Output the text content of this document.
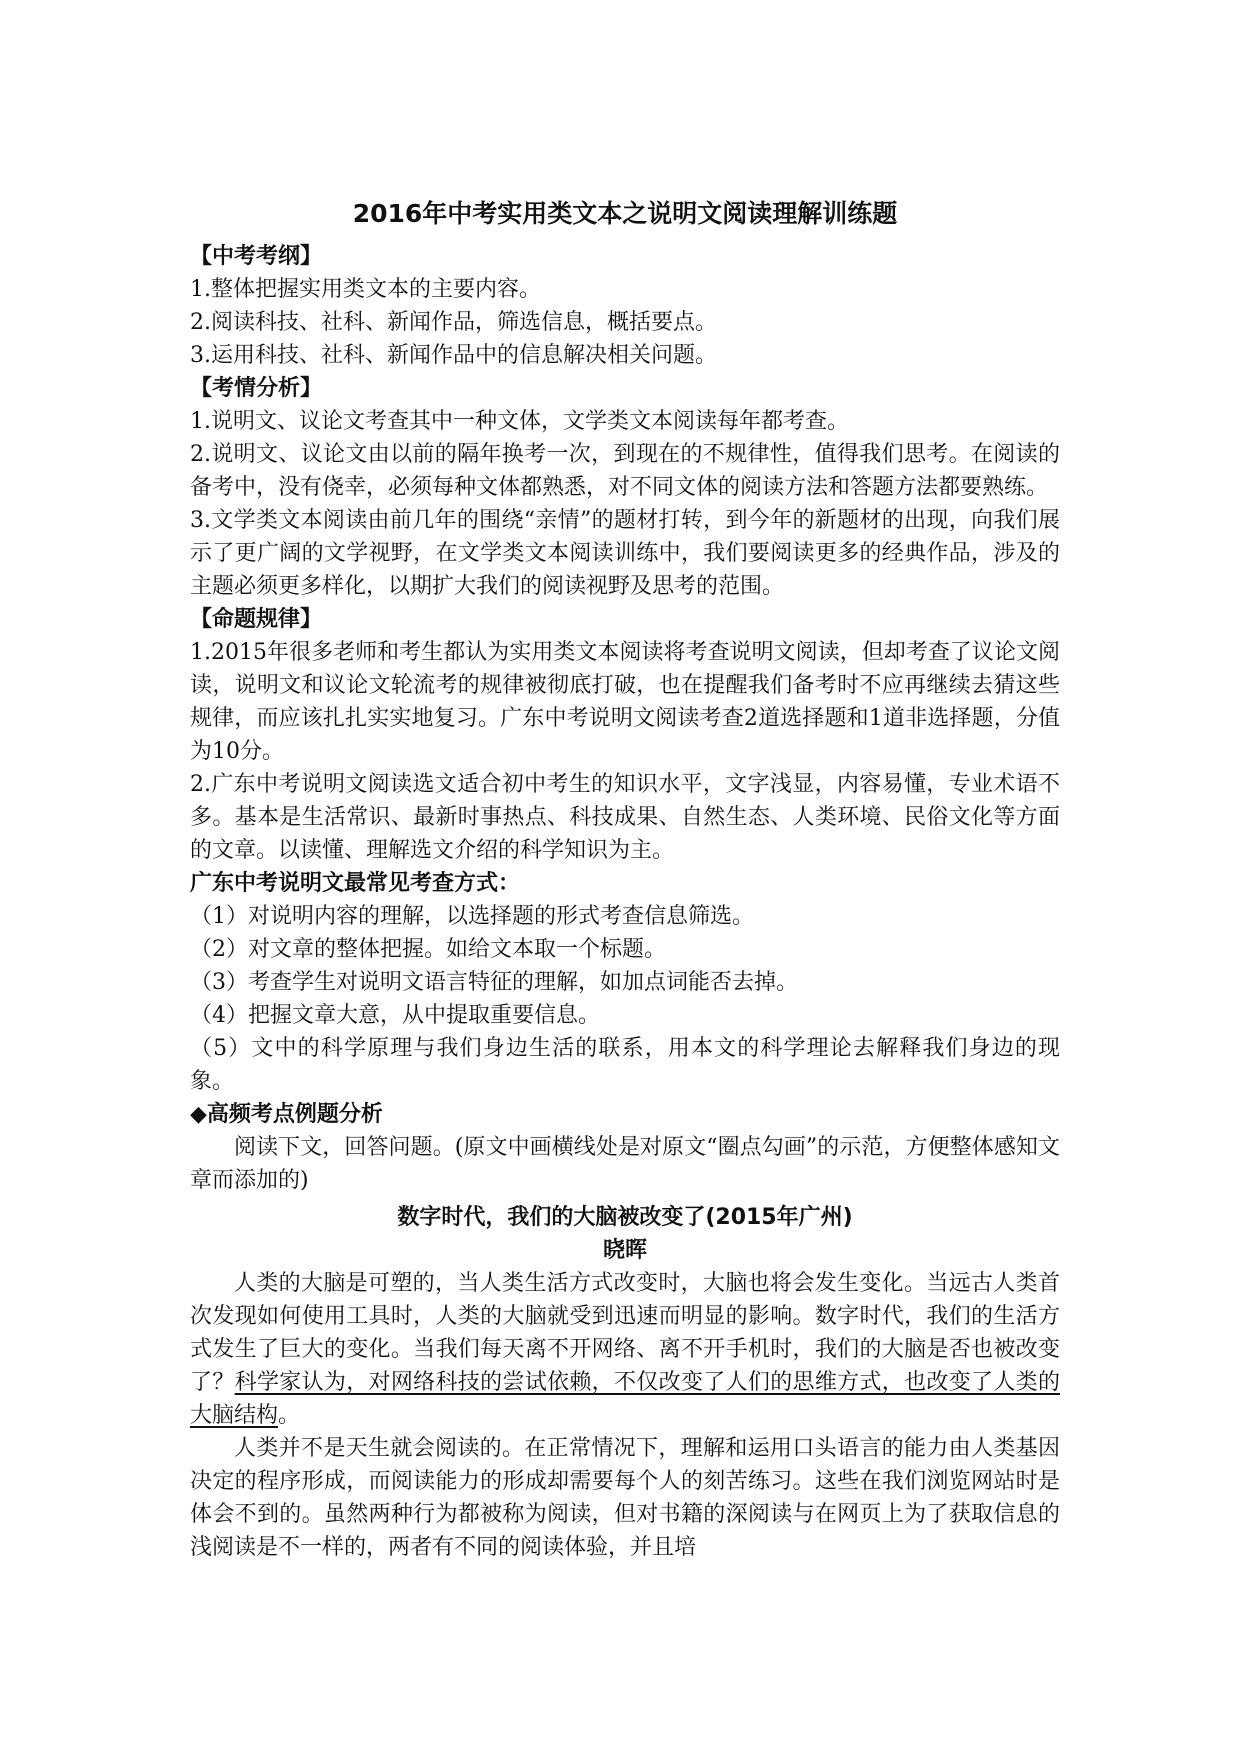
2016年中考实用类文本之说明文阅读理解训练题
【中考考纲】

1.整体把握实用类文本的主要内容。

2.阅读科技、社科、新闻作品，筛选信息，概括要点。

3.运用科技、社科、新闻作品中的信息解决相关问题。

【考情分析】

1.说明文、议论文考查其中一种文体，文学类文本阅读每年都考查。

2.说明文、议论文由以前的隔年换考一次，到现在的不规律性，值得我们思考。在阅读的备考中，没有侥幸，必须每种文体都熟悉，对不同文体的阅读方法和答题方法都要熟练。

3.文学类文本阅读由前几年的围绕“亲情”的题材打转，到今年的新题材的出现，向我们展示了更广阔的文学视野，在文学类文本阅读训练中，我们要阅读更多的经典作品，涉及的主题必须更多样化，以期扩大我们的阅读视野及思考的范围。

【命题规律】

1.2015年很多老师和考生都认为实用类文本阅读将考查说明文阅读，但却考查了议论文阅读，说明文和议论文轮流考的规律被彻底打破，也在提醒我们备考时不应再继续去猜这些规律，而应该扎扎实实地复习。广东中考说明文阅读考查2道选择题和1道非选择题，分值为10分。

2.广东中考说明文阅读选文适合初中考生的知识水平，文字浅显，内容易懂，专业术语不多。基本是生活常识、最新时事热点、科技成果、自然生态、人类环境、民俗文化等方面的文章。以读懂、理解选文介绍的科学知识为主。

广东中考说明文最常见考查方式：

（1）对说明内容的理解，以选择题的形式考查信息筛选。

（2）对文章的整体把握。如给文本取一个标题。

（3）考查学生对说明文语言特征的理解，如加点词能否去掉。

（4）把握文章大意，从中提取重要信息。

（5）文中的科学原理与我们身边生活的联系，用本文的科学理论去解释我们身边的现象。

◆高频考点例题分析

阅读下文，回答问题。(原文中画横线处是对原文“圈点勾画”的示范，方便整体感知文章而添加的)

数字时代，我们的大脑被改变了(2015年广州)
晓晖

人类的大脑是可塑的，当人类生活方式改变时，大脑也将会发生变化。当远古人类首次发现如何使用工具时，人类的大脑就受到迅速而明显的影响。数字时代，我们的生活方式发生了巨大的变化。当我们每天离不开网络、离不开手机时，我们的大脑是否也被改变了？科学家认为，对网络科技的尝试依赖，不仅改变了人们的思维方式，也改变了人类的大脑结构。

人类并不是天生就会阅读的。在正常情况下，理解和运用口头语言的能力由人类基因决定的程序形成，而阅读能力的形成却需要每个人的刻苦练习。这些在我们浏览网站时是体会不到的。虽然两种行为都被称为阅读，但对书籍的深阅读与在网页上为了获取信息的浅阅读是不一样的，两者有不同的阅读体验，并且培
